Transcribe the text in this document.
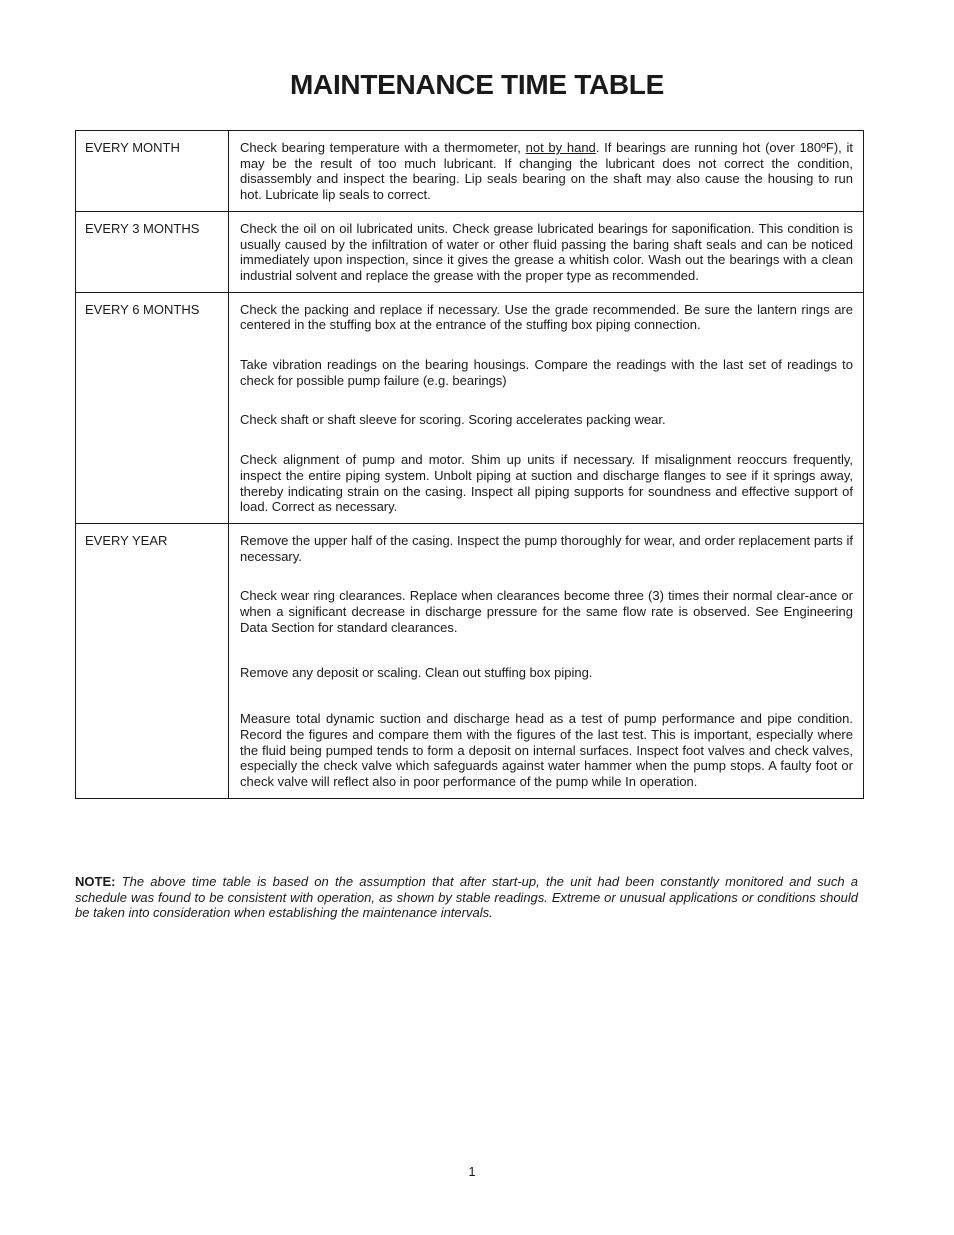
MAINTENANCE TIME TABLE
EVERY MONTH	Check bearing temperature with a thermometer, not by hand. If bearings are running hot (over 180ºF), it may be the result of too much lubricant. If changing the lubricant does not correct the condition, disassembly and inspect the bearing. Lip seals bearing on the shaft may also cause the housing to run hot. Lubricate lip seals to correct.

EVERY 3 MONTHS	Check the oil on oil lubricated units. Check grease lubricated bearings for saponification. This condition is usually caused by the infiltration of water or other fluid passing the baring shaft seals and can be noticed immediately upon inspection, since it gives the grease a whitish color. Wash out the bearings with a clean industrial solvent and replace the grease with the proper type as recommended.

EVERY 6 MONTHS	Check the packing and replace if necessary. Use the grade recommended. Be sure the lantern rings are centered in the stuffing box at the entrance of the stuffing box piping connection.

Take vibration readings on the bearing housings. Compare the readings with the last set of readings to check for possible pump failure (e.g. bearings)

Check shaft or shaft sleeve for scoring. Scoring accelerates packing wear.

Check alignment of pump and motor. Shim up units if necessary. If misalignment reoccurs frequently, inspect the entire piping system. Unbolt piping at suction and discharge flanges to see if it springs away, thereby indicating strain on the casing. Inspect all piping supports for soundness and effective support of load. Correct as necessary.

EVERY YEAR	Remove the upper half of the casing. Inspect the pump thoroughly for wear, and order replacement parts if necessary.

Check wear ring clearances. Replace when clearances become three (3) times their normal clear-ance or when a significant decrease in discharge pressure for the same flow rate is observed. See Engineering Data Section for standard clearances.

Remove any deposit or scaling. Clean out stuffing box piping.

Measure total dynamic suction and discharge head as a test of pump performance and pipe condition. Record the figures and compare them with the figures of the last test. This is important, especially where the fluid being pumped tends to form a deposit on internal surfaces. Inspect foot valves and check valves, especially the check valve which safeguards against water hammer when the pump stops. A faulty foot or check valve will reflect also in poor performance of the pump while In operation.

NOTE: The above time table is based on the assumption that after start-up, the unit had been constantly monitored and such a schedule was found to be consistent with operation, as shown by stable readings. Extreme or unusual applications or conditions should be taken into consideration when establishing the maintenance intervals.

1
